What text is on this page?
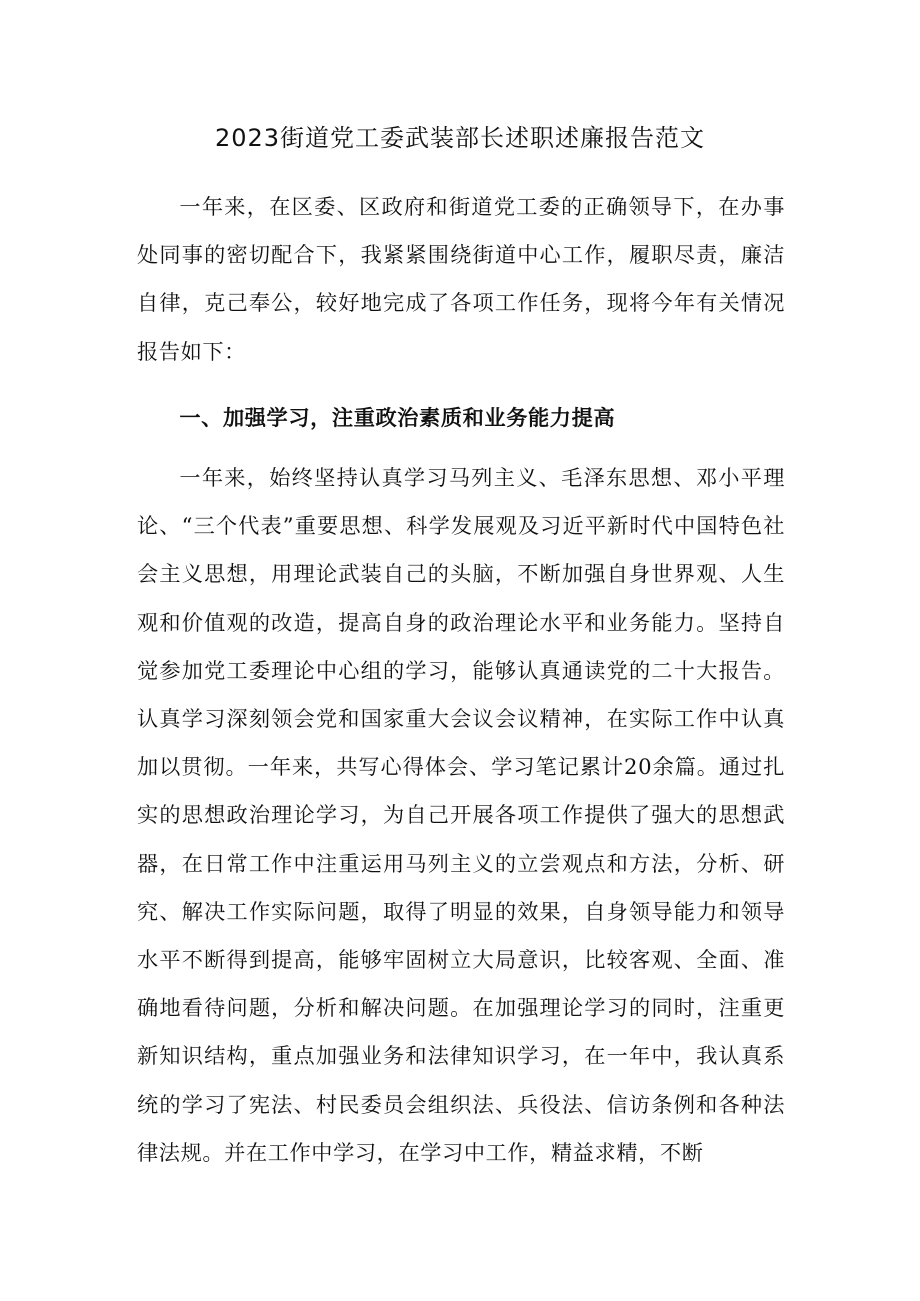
2023街道党工委武装部长述职述廉报告范文

一年来，在区委、区政府和街道党工委的正确领导下，在办事处同事的密切配合下，我紧紧围绕街道中心工作，履职尽责，廉洁自律，克己奉公，较好地完成了各项工作任务，现将今年有关情况报告如下：

一、加强学习，注重政治素质和业务能力提高

一年来，始终坚持认真学习马列主义、毛泽东思想、邓小平理论、“三个代表”重要思想、科学发展观及习近平新时代中国特色社会主义思想，用理论武装自己的头脑，不断加强自身世界观、人生观和价值观的改造，提高自身的政治理论水平和业务能力。坚持自觉参加党工委理论中心组的学习，能够认真通读党的二十大报告。认真学习深刻领会党和国家重大会议会议精神，在实际工作中认真加以贯彻。一年来，共写心得体会、学习笔记累计20余篇。通过扎实的思想政治理论学习，为自己开展各项工作提供了强大的思想武器，在日常工作中注重运用马列主义的立尝观点和方法，分析、研究、解决工作实际问题，取得了明显的效果，自身领导能力和领导水平不断得到提高，能够牢固树立大局意识，比较客观、全面、准确地看待问题，分析和解决问题。在加强理论学习的同时，注重更新知识结构，重点加强业务和法律知识学习，在一年中，我认真系统的学习了宪法、村民委员会组织法、兵役法、信访条例和各种法律法规。并在工作中学习，在学习中工作，精益求精，不断
